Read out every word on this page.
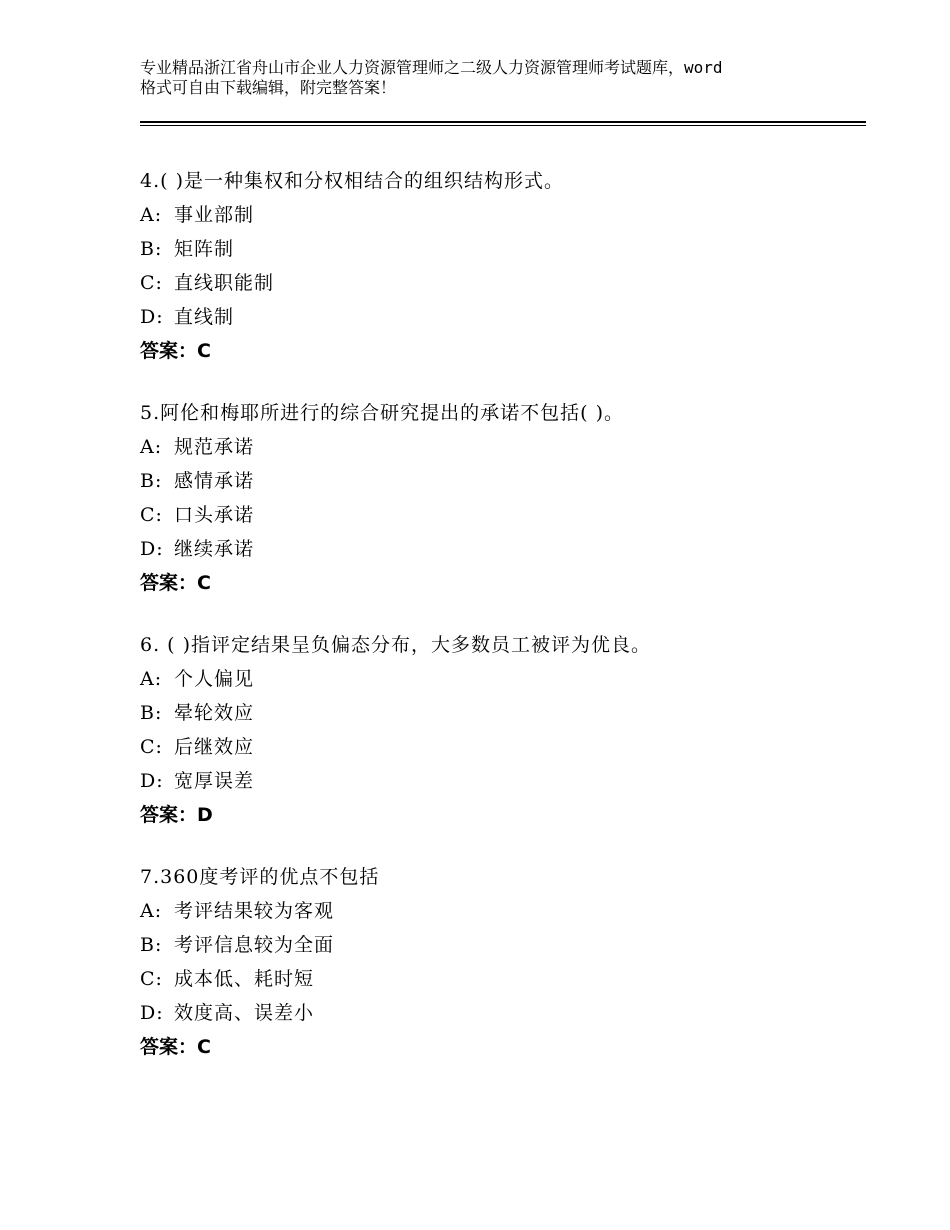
专业精品浙江省舟山市企业人力资源管理师之二级人力资源管理师考试题库，word
格式可自由下载编辑，附完整答案！
4.( )是一种集权和分权相结合的组织结构形式。
A: 事业部制
B: 矩阵制
C: 直线职能制
D: 直线制
答案：C
5.阿伦和梅耶所进行的综合研究提出的承诺不包括( )。
A: 规范承诺
B: 感情承诺
C: 口头承诺
D: 继续承诺
答案：C
6. ( )指评定结果呈负偏态分布，大多数员工被评为优良。
A: 个人偏见
B: 晕轮效应
C: 后继效应
D: 宽厚误差
答案：D
7.360度考评的优点不包括
A: 考评结果较为客观
B: 考评信息较为全面
C: 成本低、耗时短
D: 效度高、误差小
答案：C
